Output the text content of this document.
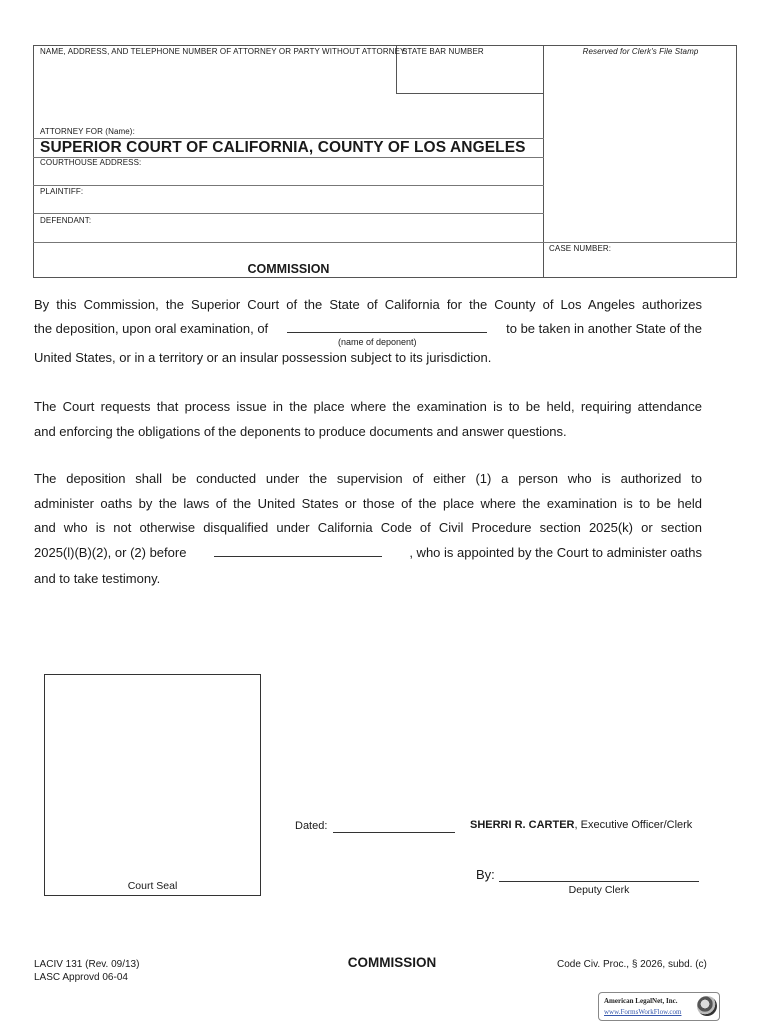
NAME, ADDRESS, AND TELEPHONE NUMBER OF ATTORNEY OR PARTY WITHOUT ATTORNEY:
STATE BAR NUMBER	Reserved for Clerk's File Stamp
ATTORNEY FOR (Name):
SUPERIOR COURT OF CALIFORNIA, COUNTY OF LOS ANGELES
COURTHOUSE ADDRESS:
PLAINTIFF:
DEFENDANT:
CASE NUMBER:
COMMISSION
By this Commission, the Superior Court of the State of California for the County of Los Angeles authorizes
the deposition, upon oral examination, of	to be taken in another State of the
(name of deponent)
United States, or in a territory or an insular possession subject to its jurisdiction.
The Court requests that process issue in the place where the examination is to be held, requiring attendance
and enforcing the obligations of the deponents to produce documents and answer questions.
The deposition shall be conducted under the supervision of either (1) a person who is authorized to
administer oaths by the laws of the United States or those of the place where the examination is to be held
and who is not otherwise disqualified under California Code of Civil Procedure section 2025(k) or section
2025(l)(B)(2), or (2) before	, who is appointed by the Court to administer oaths
and to take testimony.
Court Seal
Dated:	SHERRI R. CARTER, Executive Officer/Clerk
By:
Deputy Clerk
LACIV 131 (Rev. 09/13)
LASC Approvd 06-04
COMMISSION	Code Civ. Proc., § 2026, subd. (c)
American LegalNet, Inc.
www.FormsWorkFlow.com
